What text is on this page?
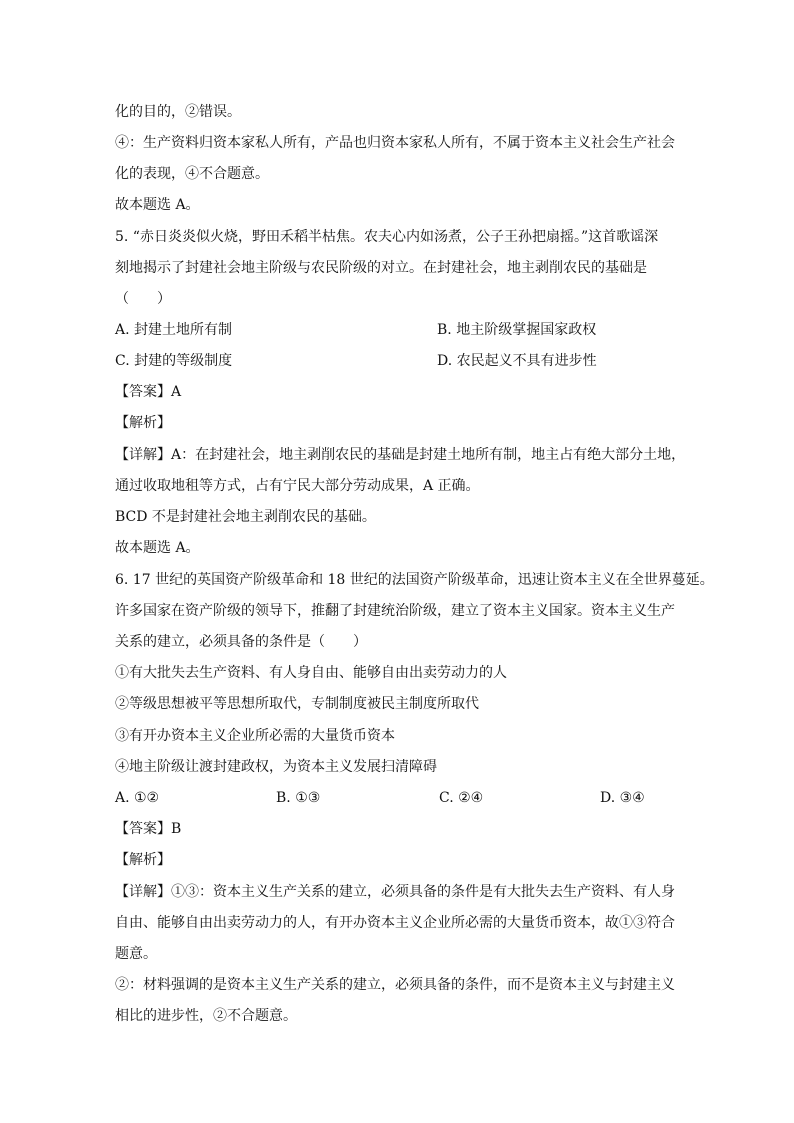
化的目的，②错误。
④：生产资料归资本家私人所有，产品也归资本家私人所有，不属于资本主义社会生产社会
化的表现，④不合题意。
故本题选 A。
5. “赤日炎炎似火烧，野田禾稻半枯焦。农夫心内如汤煮，公子王孙把扇摇。”这首歌谣深
刻地揭示了封建社会地主阶级与农民阶级的对立。在封建社会，地主剥削农民的基础是
（　　）
A. 封建土地所有制	B. 地主阶级掌握国家政权
C. 封建的等级制度	D. 农民起义不具有进步性
【答案】A
【解析】
【详解】A：在封建社会，地主剥削农民的基础是封建土地所有制，地主占有绝大部分土地，
通过收取地租等方式，占有宁民大部分劳动成果，A 正确。
BCD 不是封建社会地主剥削农民的基础。
故本题选 A。
6. 17 世纪的英国资产阶级革命和 18 世纪的法国资产阶级革命，迅速让资本主义在全世界蔓延。
许多国家在资产阶级的领导下，推翻了封建统治阶级，建立了资本主义国家。资本主义生产
关系的建立，必须具备的条件是（　　）
①有大批失去生产资料、有人身自由、能够自由出卖劳动力的人
②等级思想被平等思想所取代，专制制度被民主制度所取代
③有开办资本主义企业所必需的大量货币资本
④地主阶级让渡封建政权，为资本主义发展扫清障碍
A. ①②	B. ①③	C. ②④	D. ③④
【答案】B
【解析】
【详解】①③：资本主义生产关系的建立，必须具备的条件是有大批失去生产资料、有人身
自由、能够自由出卖劳动力的人，有开办资本主义企业所必需的大量货币资本，故①③符合
题意。
②：材料强调的是资本主义生产关系的建立，必须具备的条件，而不是资本主义与封建主义
相比的进步性，②不合题意。
